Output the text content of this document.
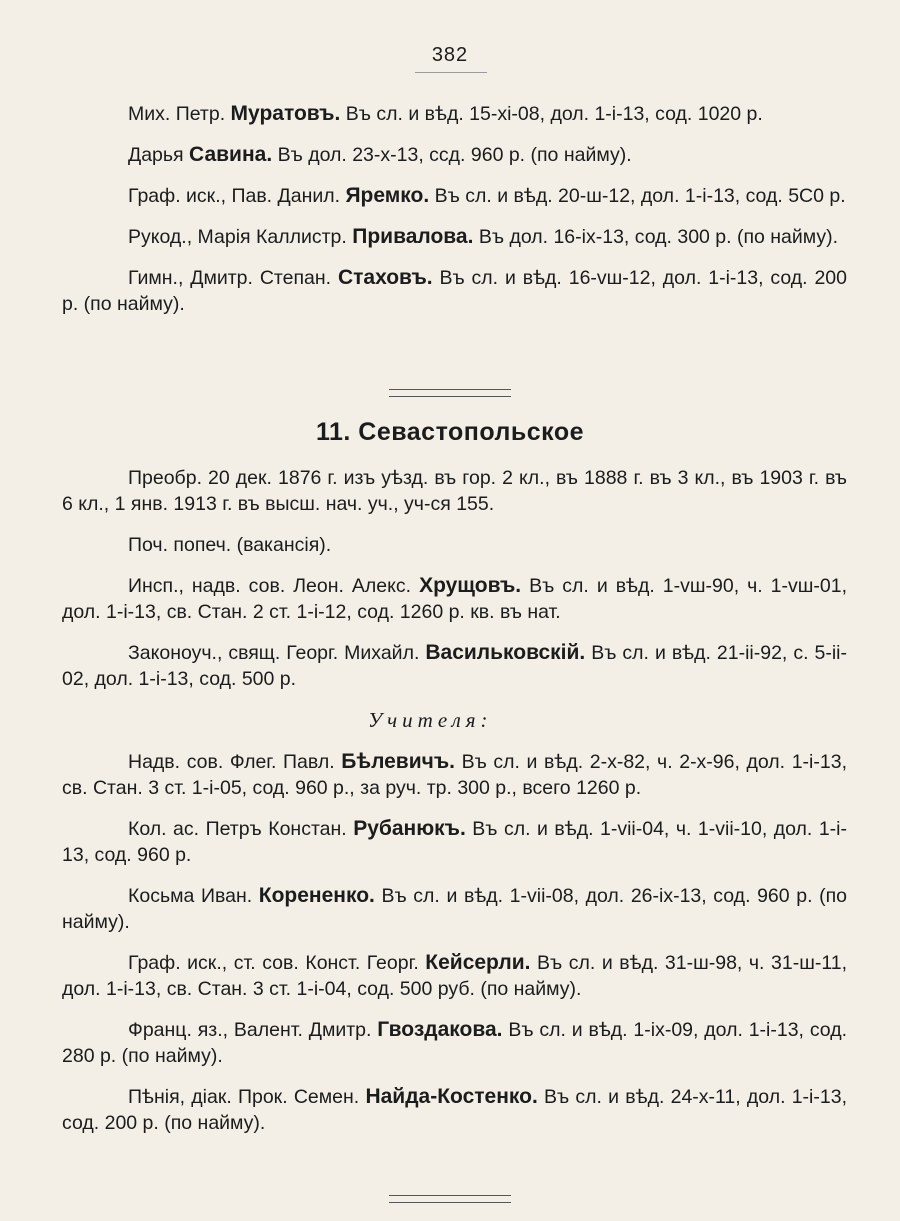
382

Мих. Петр. Муратовъ. Въ сл. и вѣд. 15-xi-08, дол. 1-i-13, сод. 1020 р.

Дарья Савина. Въ дол. 23-x-13, ссд. 960 р. (по найму).

Граф. иск., Пав. Данил. Яремко. Въ сл. и вѣд. 20-ш-12, дол. 1-i-13, сод. 5С0 р.

Рукод., Марія Каллистр. Привалова. Въ дол. 16-ix-13, сод. 300 р. (по найму).

Гимн., Дмитр. Степан. Стаховъ. Въ сл. и вѣд. 16-vш-12, дол. 1-i-13, сод. 200 р. (по найму).

11. Севастопольское

Преобр. 20 дек. 1876 г. изъ уѣзд. въ гор. 2 кл., въ 1888 г. въ 3 кл., въ 1903 г. въ 6 кл., 1 янв. 1913 г. въ высш. нач. уч., уч-ся 155.

Поч. попеч. (вакансія).

Инсп., надв. сов. Леон. Алекс. Хрущовъ. Въ сл. и вѣд. 1-vш-90, ч. 1-vш-01, дол. 1-i-13, св. Стан. 2 ст. 1-i-12, сод. 1260 р. кв. въ нат.

Законоуч., свящ. Георг. Михайл. Васильковскій. Въ сл. и вѣд. 21-ii-92, с. 5-ii-02, дол. 1-i-13, сод. 500 р.

Учителя:

Надв. сов. Флег. Павл. Бѣлевичъ. Въ сл. и вѣд. 2-x-82, ч. 2-x-96, дол. 1-i-13, св. Стан. 3 ст. 1-i-05, сод. 960 р., за руч. тр. 300 р., всего 1260 р.

Кол. ас. Петръ Констан. Рубанюкъ. Въ сл. и вѣд. 1-vii-04, ч. 1-vii-10, дол. 1-i-13, сод. 960 р.

Косьма Иван. Корененко. Въ сл. и вѣд. 1-vii-08, дол. 26-ix-13, сод. 960 р. (по найму).

Граф. иск., ст. сов. Конст. Георг. Кейсерли. Въ сл. и вѣд. 31-ш-98, ч. 31-ш-11, дол. 1-i-13, св. Стан. 3 ст. 1-i-04, сод. 500 руб. (по найму).

Франц. яз., Валент. Дмитр. Гвоздакова. Въ сл. и вѣд. 1-ix-09, дол. 1-i-13, сод. 280 р. (по найму).

Пѣнія, діак. Прок. Семен. Найда-Костенко. Въ сл. и вѣд. 24-x-11, дол. 1-i-13, сод. 200 р. (по найму).
